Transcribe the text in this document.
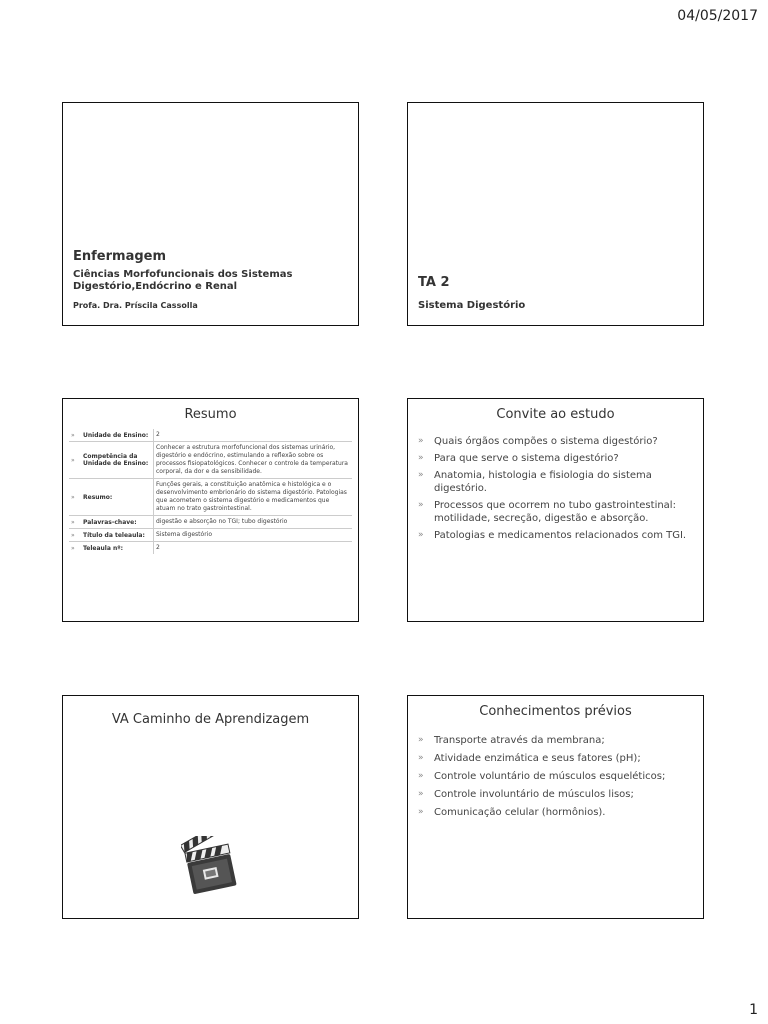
04/05/2017
Enfermagem
Ciências Morfofuncionais dos Sistemas Digestório,Endócrino e Renal
Profa. Dra. Príscila Cassolla
TA 2
Sistema Digestório
Resumo
»	Unidade de Ensino:	2
»	Competência da Unidade de Ensino:	Conhecer a estrutura morfofuncional dos sistemas urinário, digestório e endócrino, estimulando a reflexão sobre os processos fisiopatológicos. Conhecer o controle da temperatura corporal, da dor e da sensibilidade.
»	Resumo:	Funções gerais, a constituição anatômica e histológica e o desenvolvimento embrionário do sistema digestório. Patologias que acometem o sistema digestório e medicamentos que atuam no trato gastrointestinal.
»	Palavras-chave:	digestão e absorção no TGI; tubo digestório
»	Título da teleaula:	Sistema digestório
»	Teleaula nº:	2
Convite ao estudo
» Quais órgãos compões o sistema digestório?
» Para que serve o sistema digestório?
» Anatomia, histologia e fisiologia do sistema digestório.
» Processos que ocorrem no tubo gastrointestinal: motilidade, secreção, digestão e absorção.
» Patologias e medicamentos relacionados com TGI.
VA Caminho de Aprendizagem
Conhecimentos prévios
» Transporte através da membrana;
» Atividade enzimática e seus fatores (pH);
» Controle voluntário de músculos esqueléticos;
» Controle involuntário de músculos lisos;
» Comunicação celular (hormônios).
1
